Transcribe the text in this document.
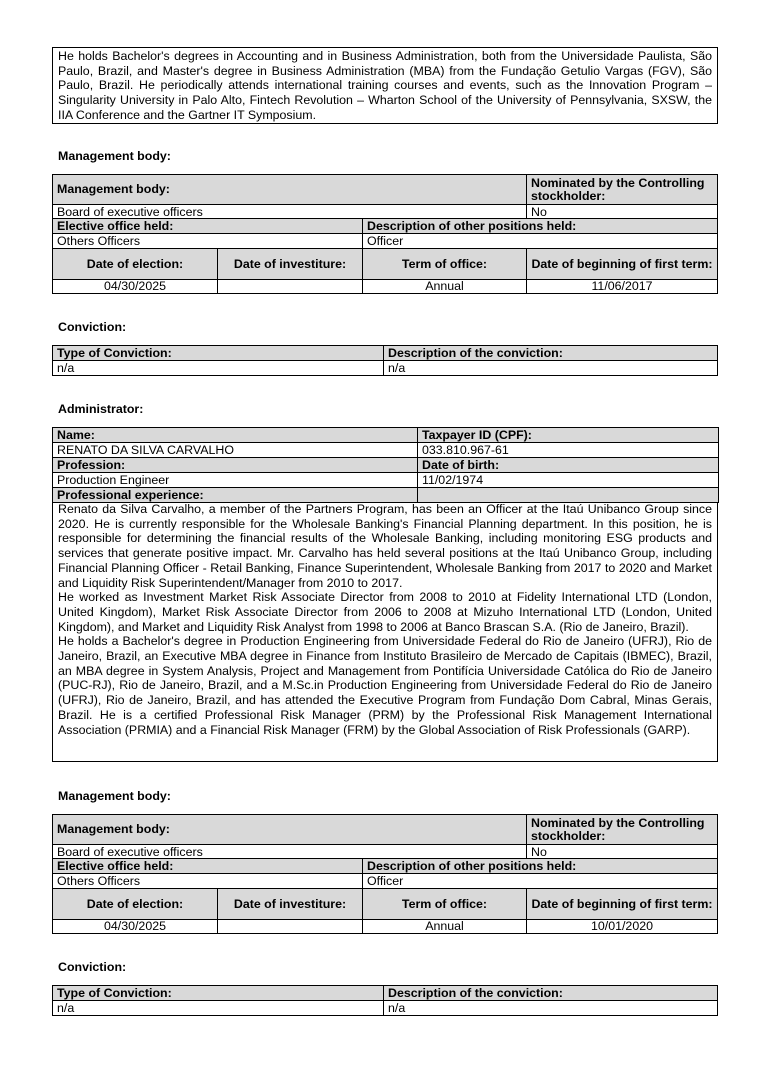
He holds Bachelor's degrees in Accounting and in Business Administration, both from the Universidade Paulista, São Paulo, Brazil, and Master's degree in Business Administration (MBA) from the Fundação Getulio Vargas (FGV), São Paulo, Brazil. He periodically attends international training courses and events, such as the Innovation Program – Singularity University in Palo Alto, Fintech Revolution – Wharton School of the University of Pennsylvania, SXSW, the IIA Conference and the Gartner IT Symposium.

Management body:
Management body:	Nominated by the Controlling stockholder:
Board of executive officers	No
Elective office held:	Description of other positions held:
Others Officers	Officer
Date of election:	Date of investiture:	Term of office:	Date of beginning of first term:
04/30/2025		Annual	11/06/2017
Conviction:
Type of Conviction:	Description of the conviction:
n/a	n/a
Administrator:
Name:	Taxpayer ID (CPF):
RENATO DA SILVA CARVALHO	033.810.967-61
Profession:	Date of birth:
Production Engineer	11/02/1974
Professional experience:	

Renato da Silva Carvalho, a member of the Partners Program, has been an Officer at the Itaú Unibanco Group since 2020. He is currently responsible for the Wholesale Banking's Financial Planning department. In this position, he is responsible for determining the financial results of the Wholesale Banking, including monitoring ESG products and services that generate positive impact. Mr. Carvalho has held several positions at the Itaú Unibanco Group, including Financial Planning Officer - Retail Banking, Finance Superintendent, Wholesale Banking from 2017 to 2020 and Market and Liquidity Risk Superintendent/Manager from 2010 to 2017.

He worked as Investment Market Risk Associate Director from 2008 to 2010 at Fidelity International LTD (London, United Kingdom), Market Risk Associate Director from 2006 to 2008 at Mizuho International LTD (London, United Kingdom), and Market and Liquidity Risk Analyst from 1998 to 2006 at Banco Brascan S.A. (Rio de Janeiro, Brazil).

He holds a Bachelor's degree in Production Engineering from Universidade Federal do Rio de Janeiro (UFRJ), Rio de Janeiro, Brazil, an Executive MBA degree in Finance from Instituto Brasileiro de Mercado de Capitais (IBMEC), Brazil, an MBA degree in System Analysis, Project and Management from Pontifícia Universidade Católica do Rio de Janeiro (PUC-RJ), Rio de Janeiro, Brazil, and a M.Sc.in Production Engineering from Universidade Federal do Rio de Janeiro (UFRJ), Rio de Janeiro, Brazil, and has attended the Executive Program from Fundação Dom Cabral, Minas Gerais, Brazil. He is a certified Professional Risk Manager (PRM) by the Professional Risk Management International Association (PRMIA) and a Financial Risk Manager (FRM) by the Global Association of Risk Professionals (GARP).

Management body:
Management body:	Nominated by the Controlling stockholder:
Board of executive officers	No
Elective office held:	Description of other positions held:
Others Officers	Officer
Date of election:	Date of investiture:	Term of office:	Date of beginning of first term:
04/30/2025		Annual	10/01/2020
Conviction:
Type of Conviction:	Description of the conviction:
n/a	n/a
